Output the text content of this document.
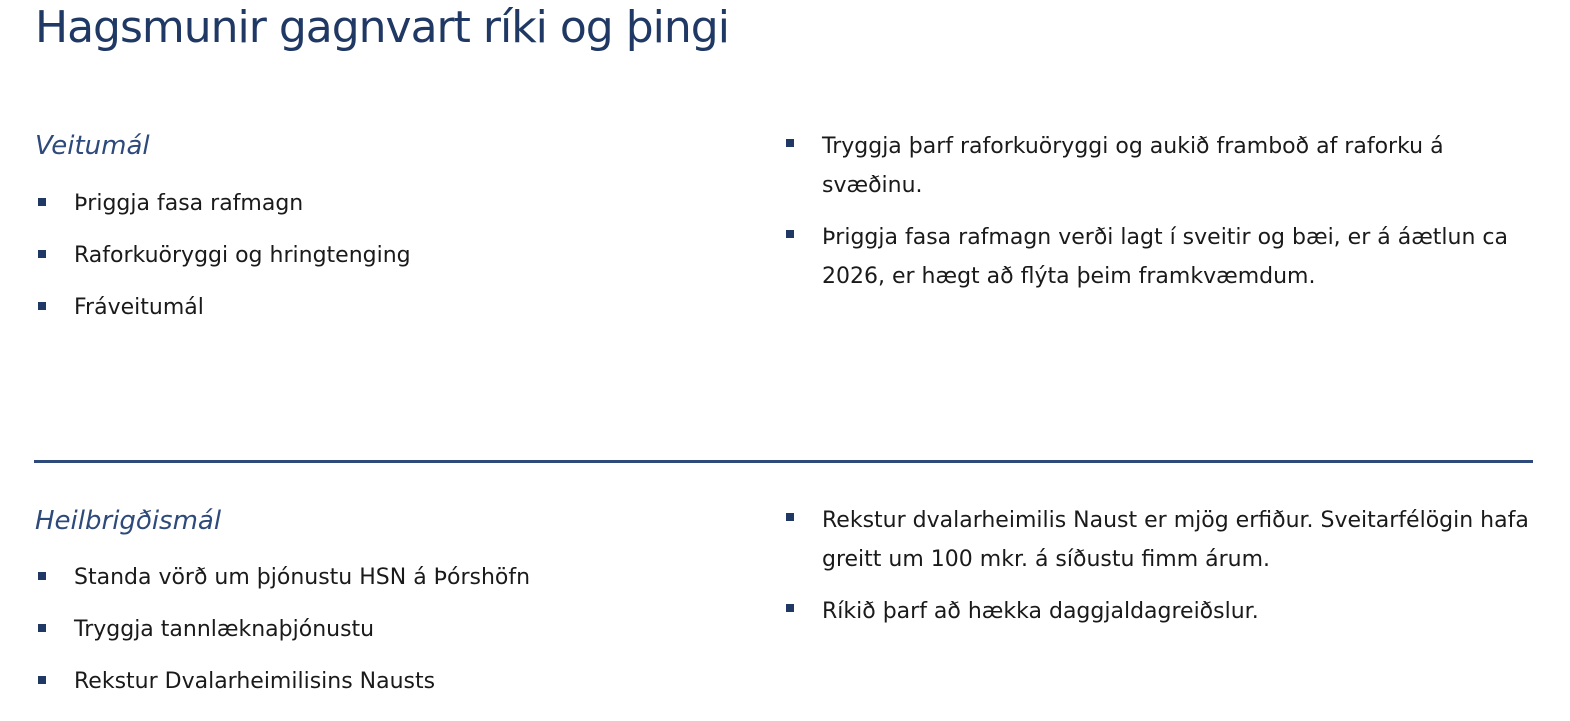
Hagsmunir gagnvart ríki og þingi
Veitumál
Þriggja fasa rafmagn
Raforkuöryggi og hringtenging
Fráveitumál
Tryggja þarf raforkuöryggi og aukið framboð af raforku á svæðinu.
Þriggja fasa rafmagn verði lagt í sveitir og bæi, er á áætlun ca 2026, er hægt að flýta þeim framkvæmdum.
Heilbrigðismál
Standa vörð um þjónustu HSN á Þórshöfn
Tryggja tannlæknaþjónustu
Rekstur Dvalarheimilisins Nausts
Rekstur dvalarheimilis Naust er mjög erfiður. Sveitarfélögin hafa greitt um 100 mkr. á síðustu fimm árum.
Ríkið þarf að hækka daggjaldagreiðslur.
